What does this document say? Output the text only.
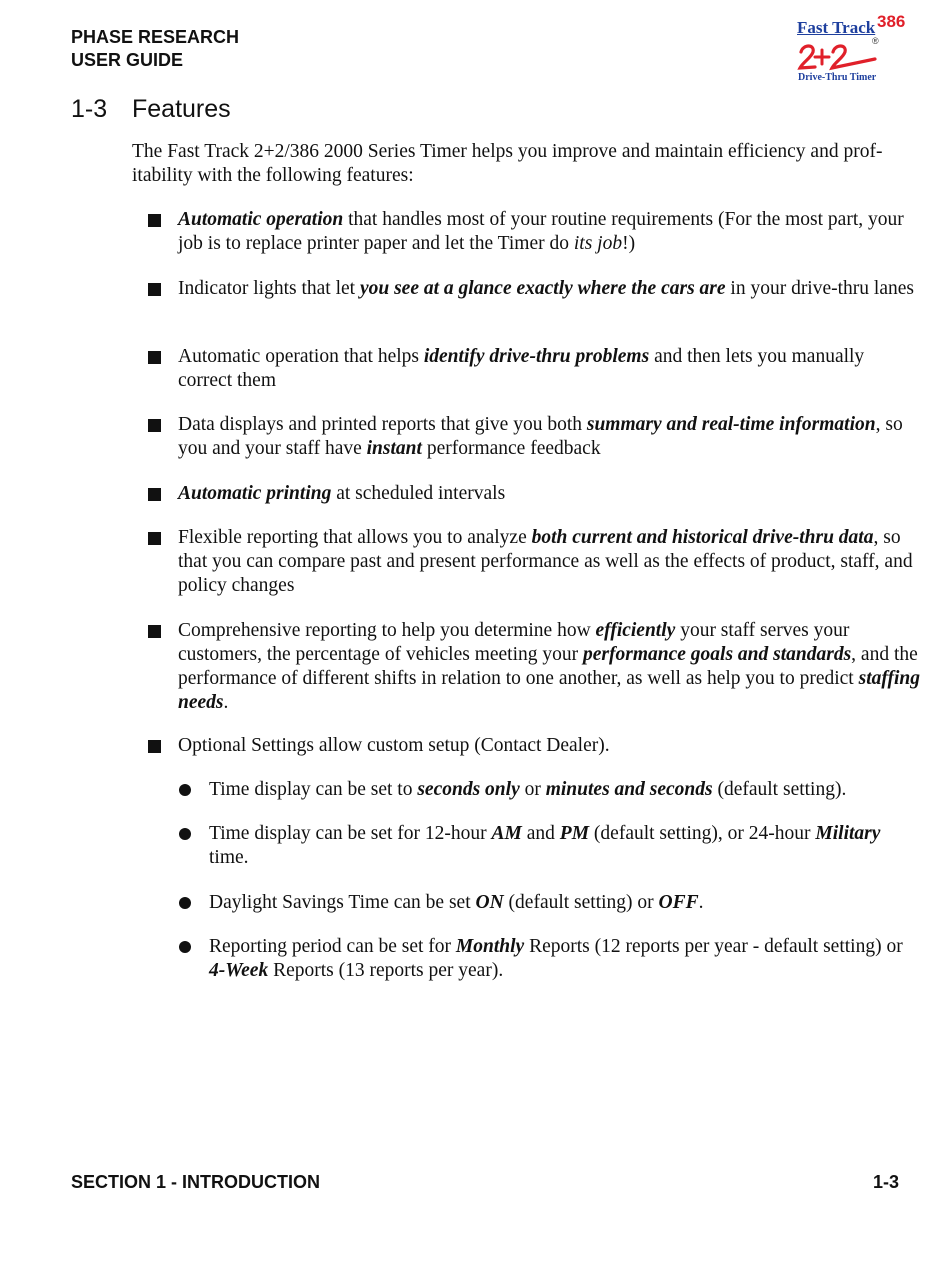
PHASE RESEARCH
USER GUIDE
Fast Track 386
®
Drive-Thru Timer
1-3 Features
The Fast Track 2+2/386 2000 Series Timer helps you improve and maintain efficiency and prof-itability with the following features:
Automatic operation that handles most of your routine requirements (For the most part, your job is to replace printer paper and let the Timer do its job!)
Indicator lights that let you see at a glance exactly where the cars are in your drive-thru lanes
Automatic operation that helps identify drive-thru problems and then lets you manually correct them
Data displays and printed reports that give you both summary and real-time information, so you and your staff have instant performance feedback
Automatic printing at scheduled intervals
Flexible reporting that allows you to analyze both current and historical drive-thru data, so that you can compare past and present performance as well as the effects of product, staff, and policy changes
Comprehensive reporting to help you determine how efficiently your staff serves your customers, the percentage of vehicles meeting your performance goals and standards, and the performance of different shifts in relation to one another, as well as help you to predict staffing needs.
Optional Settings allow custom setup (Contact Dealer).
Time display can be set to seconds only or minutes and seconds (default setting).
Time display can be set for 12-hour AM and PM (default setting), or 24-hour Military time.
Daylight Savings Time can be set ON (default setting) or OFF.
Reporting period can be set for Monthly Reports (12 reports per year - default setting) or 4-Week Reports (13 reports per year).
SECTION 1 - INTRODUCTION	1-3
